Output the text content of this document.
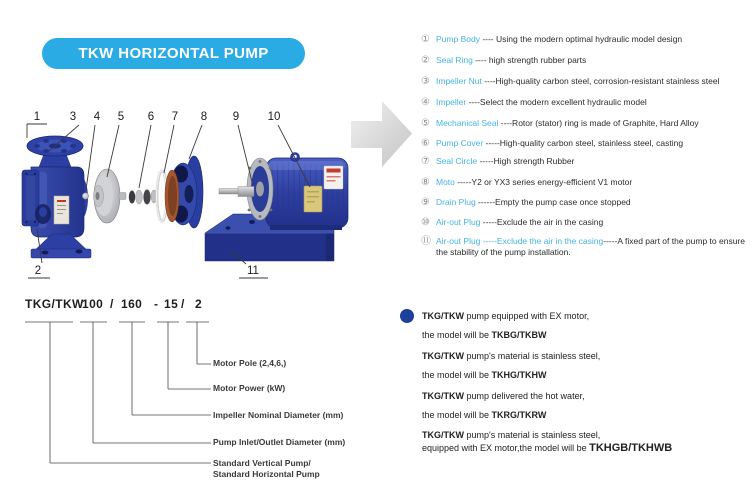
1	3 4 5 6 7 8 9 10
2	11
TKW HORIZONTAL PUMP
① Pump Body ---- Using the modern optimal hydraulic model design
② Seal Ring ---- high strength rubber parts
③ Impeller Nut ----High-quality carbon steel, corrosion-resistant stainless steel
④ Impeller ----Select the modern excellent hydraulic model
⑤ Mechanical Seal ----Rotor (stator) ring is made of Graphite, Hard Alloy
⑥ Pump Cover -----High-quality carbon steel, stainless steel, casting
⑦ Seal Circle -----High strength Rubber
⑧ Moto -----Y2 or YX3 series energy-efficient V1 motor
⑨ Drain Plug ------Empty the pump case once stopped
⑩ Air-out Plug -----Exclude the air in the casing
⑪ Air-out Plug -----Exclude the air in the casing-----A fixed part of the pump to ensure the stability of the pump installation.
TKG/TKW
100 / 160 - 15 / 2
Motor Pole (2,4,6,)
Motor Power (kW)
Impeller Nominal Diameter (mm)
Pump Inlet/Outlet Diameter (mm)
Standard Vertical Pump/
Standard Horizontal Pump
TKG/TKW pump equipped with EX motor,
the model will be TKBG/TKBW
TKG/TKW pump's material is stainless steel,
the model will be TKHG/TKHW
TKG/TKW pump delivered the hot water,
the model will be TKRG/TKRW
TKG/TKW pump's material is stainless steel,
equipped with EX motor,the model will be TKHGB/TKHWB
